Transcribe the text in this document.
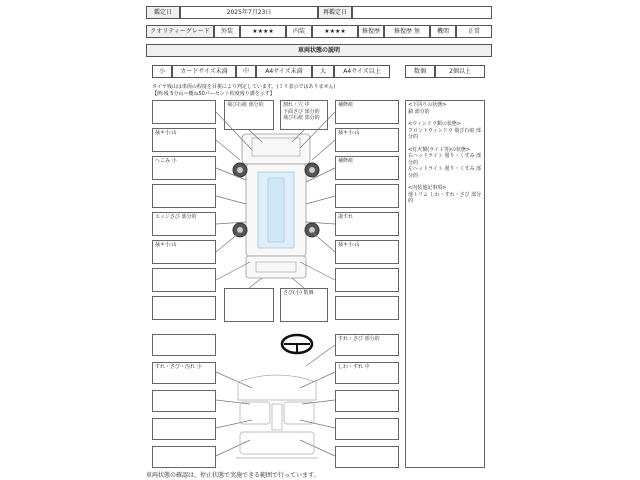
鑑定日	2025年7月23日	再鑑定日
クオリティーグレード	外装	★★★★	内装	★★★★	修復歴	修復歴 無	機関	正常
車両状態の説明
小	カードサイズ未満	中	A4サイズ未満	大	A4サイズ以上	数個	2個以上
タイヤ残山は車両の程度を目視により判定しています。(ミリ表示ではありません)
【例:残 5分山＝概ね50パーセント程度残り溝を示す】
掻キ小:山
へこみ 小
エッジさび 部分的
掻キ小:山
すれ・さび・汚れ 小
補修痕
掻キ小:山
補修痕
凄すれ
掻キ小:山
すれ・さび 部分的
しわ・すれ 中
飛び石痕 部分的	割れ・穴 中
下面さび 部分的
飛び石痕 部分的
さび(小) 数個
<下回りの状態>
錆 部分的
<ウィンドウ類の状態>
フロントウィンドウ 飛び石痕 部分的
<灯火類(ライト等)の状態>
右ヘッドライト 曇り・くすみ 部分的
左ヘッドライト 曇り・くすみ 部分的
<内装他記事項>
他トリム しわ・すれ・さび 部分的
車両状態の確認は、停止状態で実施できる範囲で行っています。
